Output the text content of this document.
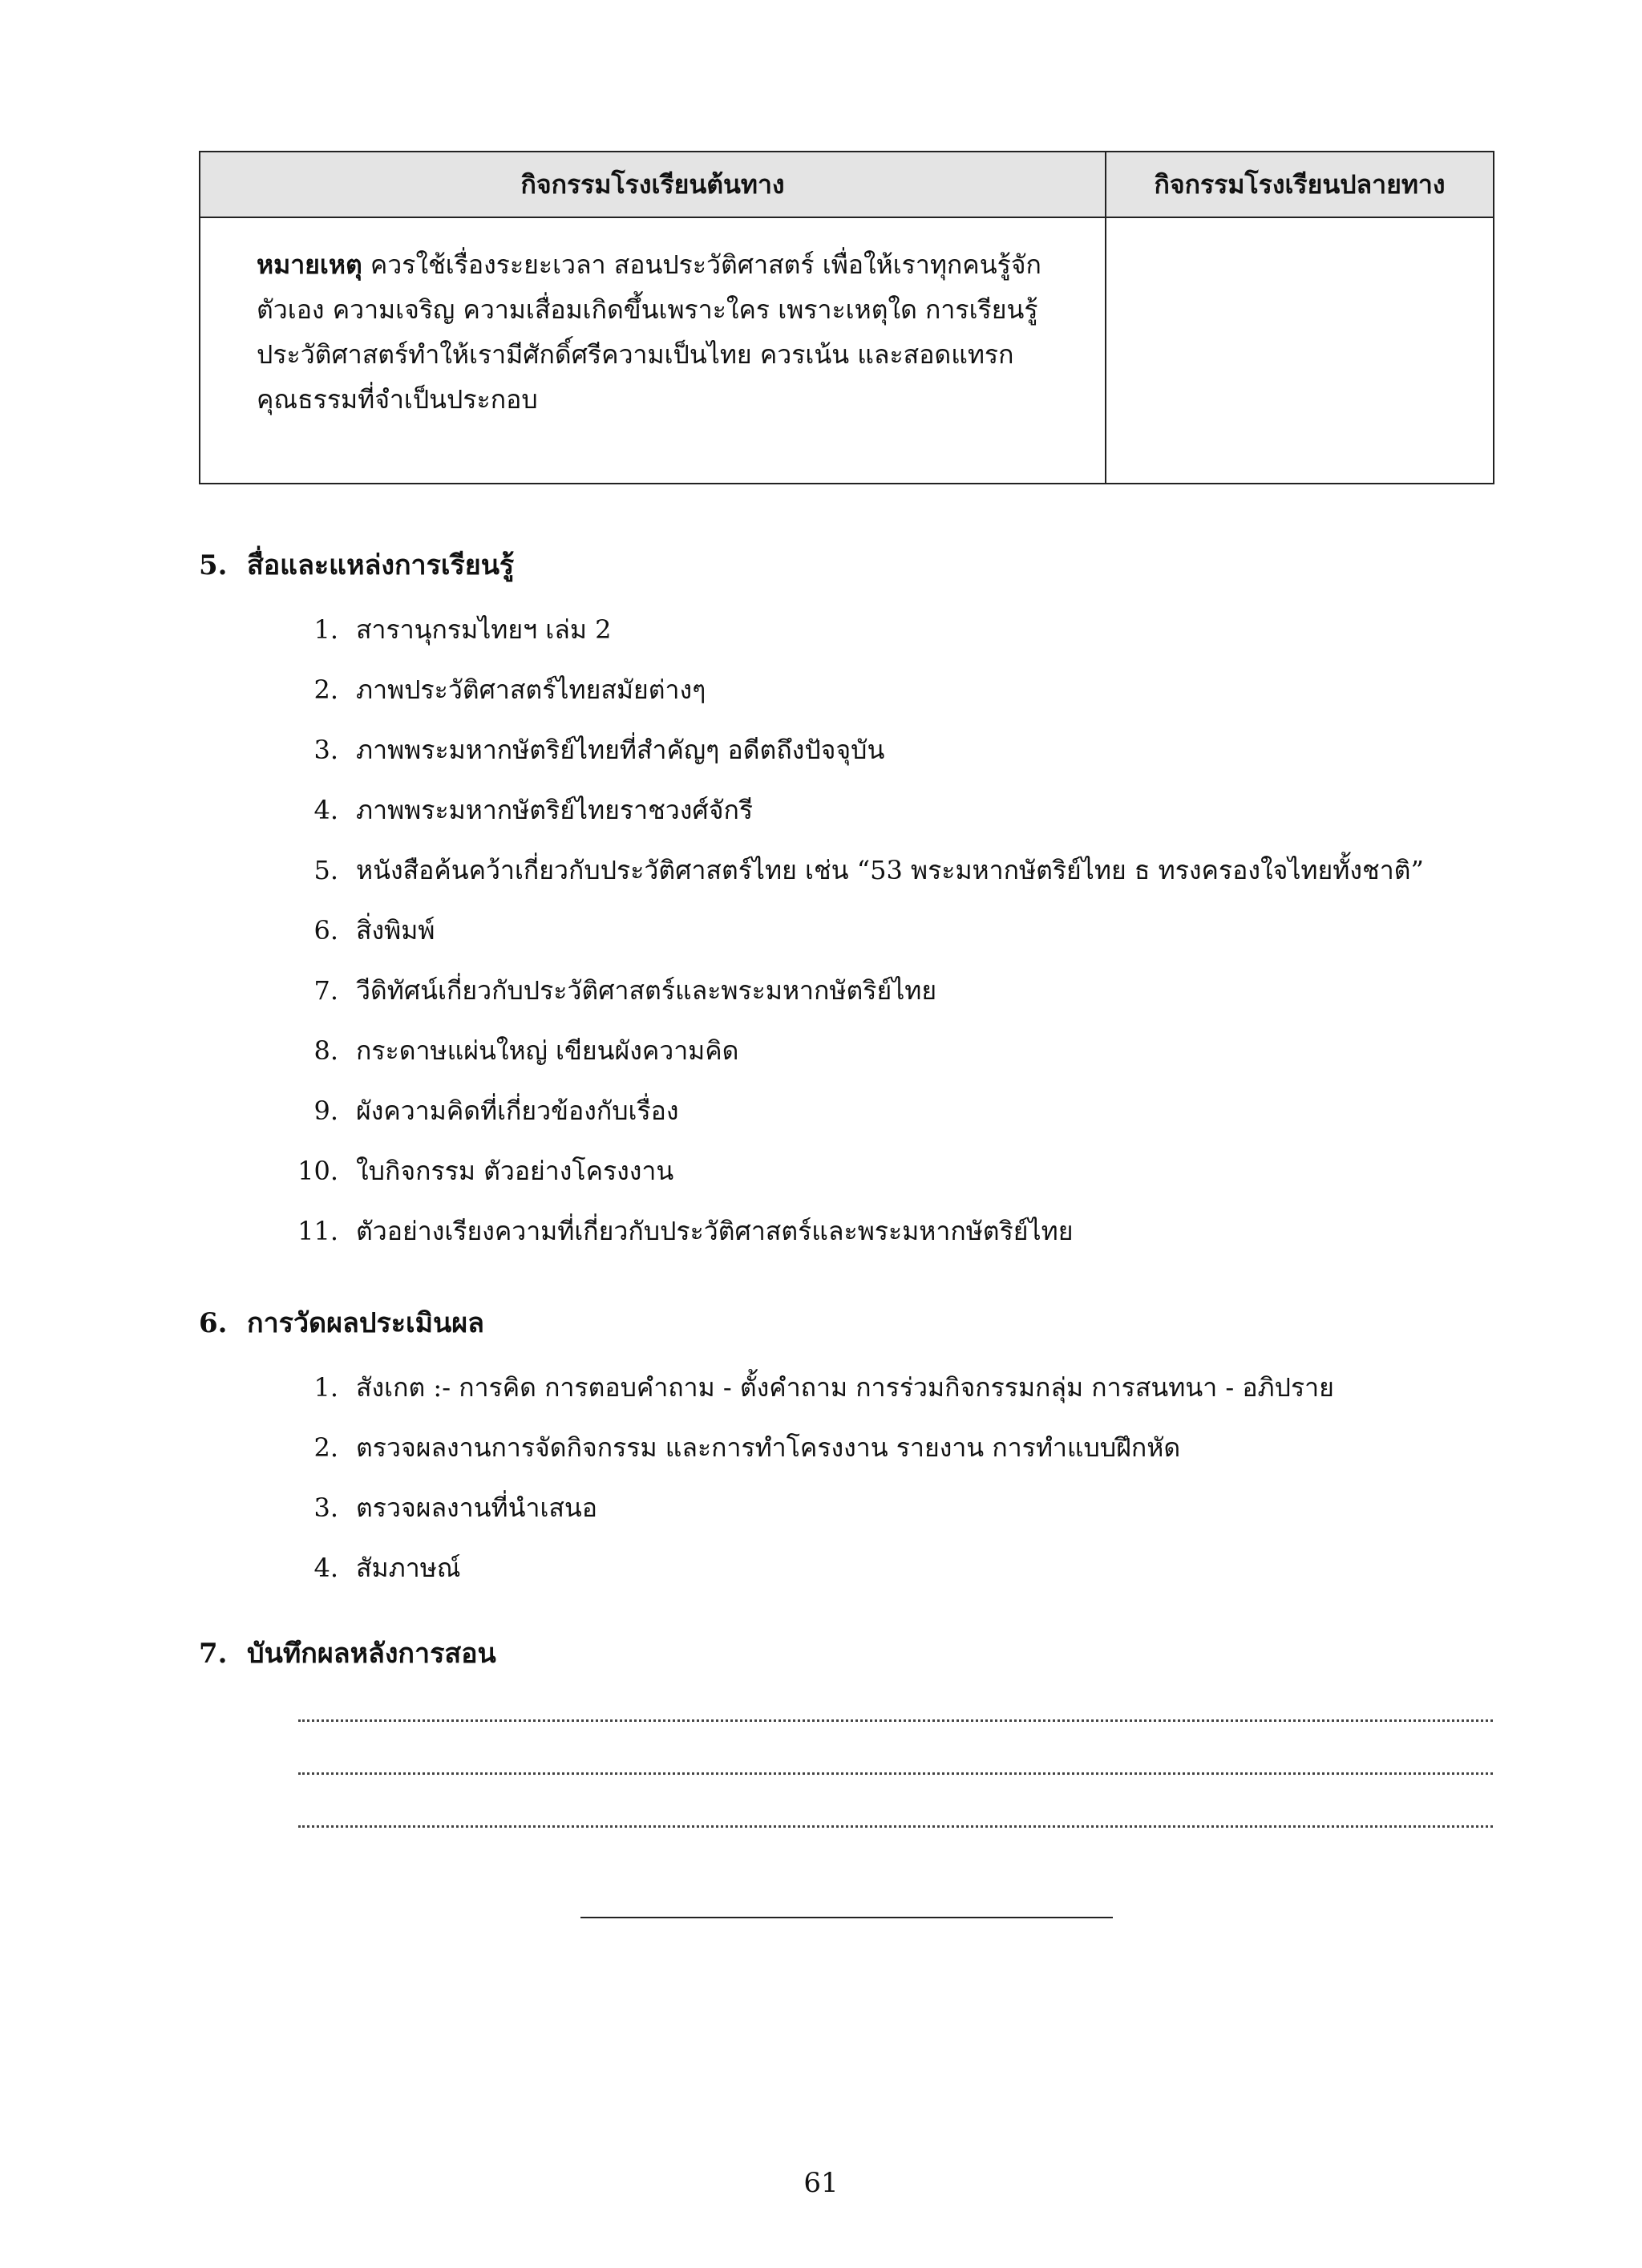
กิจกรรมโรงเรียนต้นทาง	กิจกรรมโรงเรียนปลายทาง

หมายเหตุ ควรใช้เรื่องระยะเวลา สอนประวัติศาสตร์ เพื่อให้เราทุกคนรู้จัก
ตัวเอง ความเจริญ ความเสื่อมเกิดขึ้นเพราะใคร เพราะเหตุใด การเรียนรู้
ประวัติศาสตร์ทำให้เรามีศักดิ์ศรีความเป็นไทย ควรเน้น และสอดแทรก
คุณธรรมที่จำเป็นประกอบ	

5. สื่อและแหล่งการเรียนรู้
1. สารานุกรมไทยฯ เล่ม 2
2. ภาพประวัติศาสตร์ไทยสมัยต่างๆ
3. ภาพพระมหากษัตริย์ไทยที่สำคัญๆ อดีตถึงปัจจุบัน
4. ภาพพระมหากษัตริย์ไทยราชวงศ์จักรี
5. หนังสือค้นคว้าเกี่ยวกับประวัติศาสตร์ไทย เช่น “53 พระมหากษัตริย์ไทย ธ ทรงครองใจไทยทั้งชาติ”
6. สิ่งพิมพ์
7. วีดิทัศน์เกี่ยวกับประวัติศาสตร์และพระมหากษัตริย์ไทย
8. กระดาษแผ่นใหญ่ เขียนผังความคิด
9. ผังความคิดที่เกี่ยวข้องกับเรื่อง
10. ใบกิจกรรม ตัวอย่างโครงงาน
11. ตัวอย่างเรียงความที่เกี่ยวกับประวัติศาสตร์และพระมหากษัตริย์ไทย
6. การวัดผลประเมินผล
1. สังเกต :- การคิด การตอบคำถาม - ตั้งคำถาม การร่วมกิจกรรมกลุ่ม การสนทนา - อภิปราย
2. ตรวจผลงานการจัดกิจกรรม และการทำโครงงาน รายงาน การทำแบบฝึกหัด
3. ตรวจผลงานที่นำเสนอ
4. สัมภาษณ์
7. บันทึกผลหลังการสอน
61
